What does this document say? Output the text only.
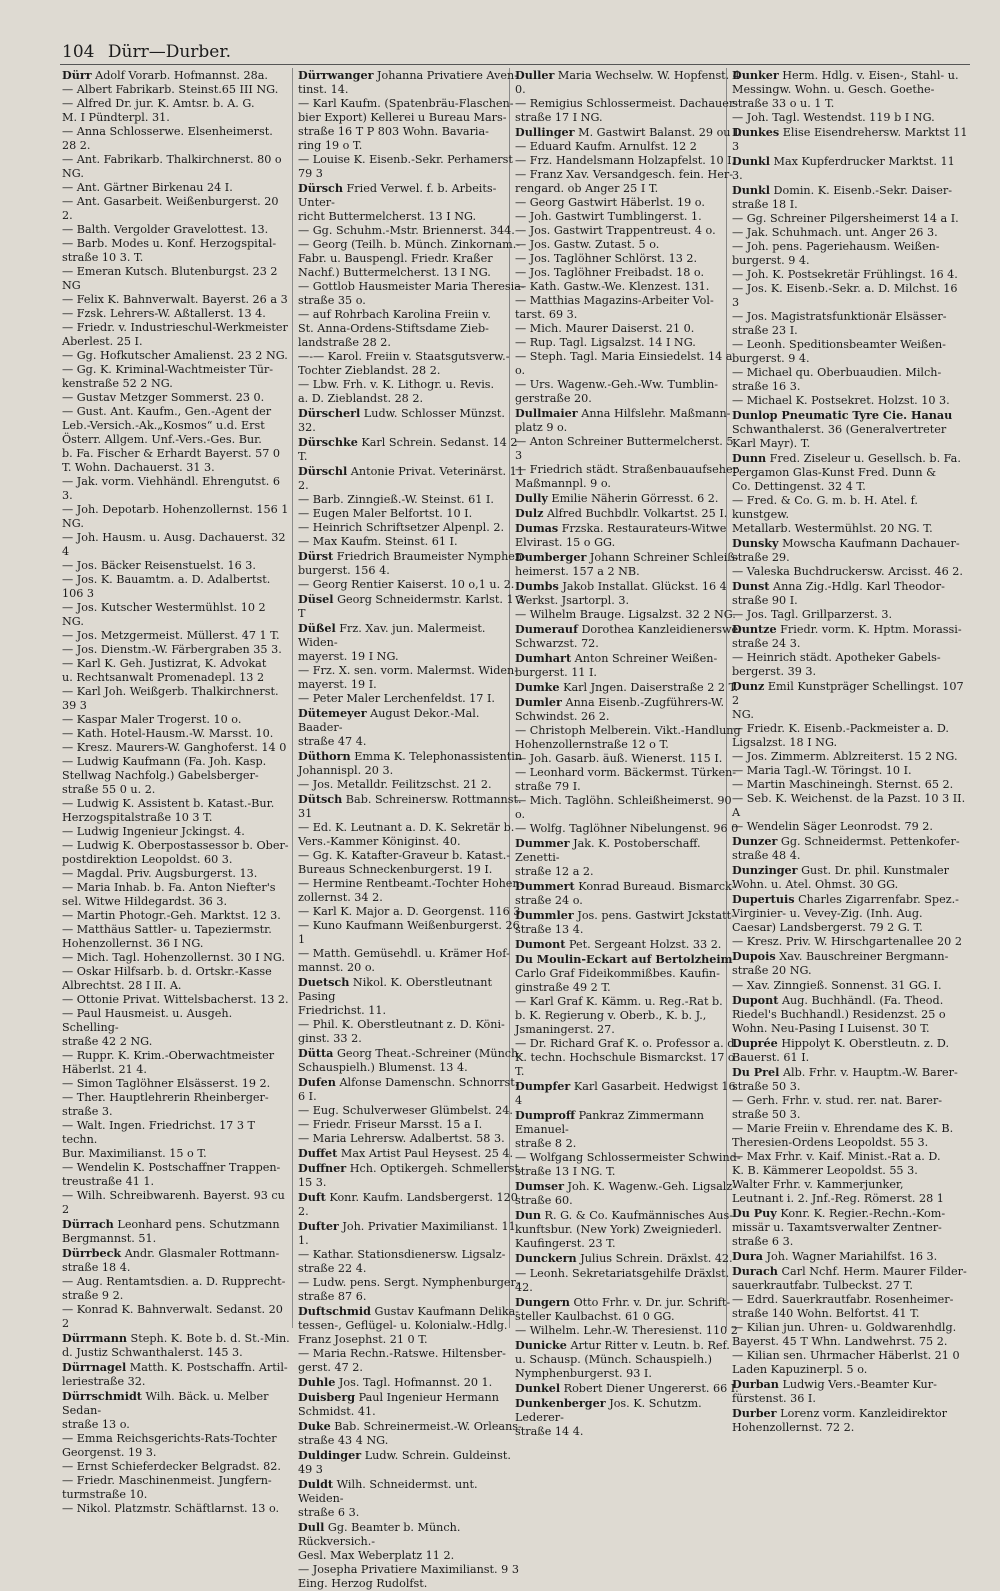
104 Dürr—Durber.

Dürr Adolf Vorarb. Hofmannst. 28a.
— Albert Fabrikarb. Steinst.65 III NG.
— Alfred Dr. jur. K. Amtsr. b. A. G.
M. I Pündterpl. 31.
— Anna Schlosserwe. Elsenheimerst. 28 2.
— Ant. Fabrikarb. Thalkirchnerst. 80 o
NG.
— Ant. Gärtner Birkenau 24 I.
— Ant. Gasarbeit. Weißenburgerst. 20 2.
— Balth. Vergolder Gravelottest. 13.
— Barb. Modes u. Konf. Herzogspital-
straße 10 3. T.
— Emeran Kutsch. Blutenburgst. 23 2 NG
— Felix K. Bahnverwalt. Bayerst. 26 a 3
— Fzsk. Lehrers-W. Aßtallerst. 13 4.
— Friedr. v. Industrieschul-Werkmeister
Aberlest. 25 I.
— Gg. Hofkutscher Amalienst. 23 2 NG.
— Gg. K. Kriminal-Wachtmeister Tür-
kenstraße 52 2 NG.
— Gustav Metzger Sommerst. 23 0.
— Gust. Ant. Kaufm., Gen.-Agent der
Leb.-Versich.-Ak.„Kosmos“ u.d. Erst
Österr. Allgem. Unf.-Vers.-Ges. Bur.
b. Fa. Fischer & Erhardt Bayerst. 57 0
T. Wohn. Dachauerst. 31 3.
— Jak. vorm. Viehhändl. Ehrengutst. 6 3.
— Joh. Depotarb. Hohenzollernst. 156 1
NG.
— Joh. Hausm. u. Ausg. Dachauerst. 32 4
— Jos. Bäcker Reisenstuelst. 16 3.
— Jos. K. Bauamtm. a. D. Adalbertst. 106 3
— Jos. Kutscher Westermühlst. 10 2 NG.
— Jos. Metzgermeist. Müllerst. 47 1 T.
— Jos. Dienstm.-W. Färbergraben 35 3.
— Karl K. Geh. Justizrat, K. Advokat
u. Rechtsanwalt Promenadepl. 13 2
— Karl Joh. Weißgerb. Thalkirchnerst. 39 3
— Kaspar Maler Trogerst. 10 o.
— Kath. Hotel-Hausm.-W. Marsst. 10.
— Kresz. Maurers-W. Ganghoferst. 14 0
— Ludwig Kaufmann (Fa. Joh. Kasp.
Stellwag Nachfolg.) Gabelsberger-
straße 55 0 u. 2.
— Ludwig K. Assistent b. Katast.-Bur.
Herzogspitalstraße 10 3 T.
— Ludwig Ingenieur Jckingst. 4.
— Ludwig K. Oberpostassessor b. Ober-
postdirektion Leopoldst. 60 3.
— Magdal. Priv. Augsburgerst. 13.
— Maria Inhab. b. Fa. Anton Niefter's
sel. Witwe Hildegardst. 36 3.
— Martin Photogr.-Geh. Marktst. 12 3.
— Matthäus Sattler- u. Tapeziermstr.
Hohenzollernst. 36 I NG.
— Mich. Tagl. Hohenzollernst. 30 I NG.
— Oskar Hilfsarb. b. d. Ortskr.-Kasse
Albrechtst. 28 I II. A.
— Ottonie Privat. Wittelsbacherst. 13 2.
— Paul Hausmeist. u. Ausgeh. Schelling-
straße 42 2 NG.
— Ruppr. K. Krim.-Oberwachtmeister
Häberlst. 21 4.
— Simon Taglöhner Elsässerst. 19 2.
— Ther. Hauptlehrerin Rheinberger-
straße 3.
— Walt. Ingen. Friedrichst. 17 3 T techn.
Bur. Maximilianst. 15 o T.
— Wendelin K. Postschaffner Trappen-
treustraße 41 1.
— Wilh. Schreibwarenh. Bayerst. 93 cu 2

Dürrach Leonhard pens. Schutzmann
Bergmannst. 51.

Dürrbeck Andr. Glasmaler Rottmann-
straße 18 4.
— Aug. Rentamtsdien. a. D. Rupprecht-
straße 9 2.
— Konrad K. Bahnverwalt. Sedanst. 20 2

Dürrmann Steph. K. Bote b. d. St.-Min.
d. Justiz Schwanthalerst. 145 3.

Dürrnagel Matth. K. Postschaffn. Artil-
leriestraße 32.

Dürrschmidt Wilh. Bäck. u. Melber Sedan-
straße 13 o.
— Emma Reichsgerichts-Rats-Tochter
Georgenst. 19 3.
— Ernst Schieferdecker Belgradst. 82.
— Friedr. Maschinenmeist. Jungfern-
turmstraße 10.
— Nikol. Platzmstr. Schäftlarnst. 13 o.

Dürrwanger Johanna Privatiere Aven-
tinst. 14.
— Karl Kaufm. (Spatenbräu-Flaschen-
bier Export) Kellerei u Bureau Mars-
straße 16 T P 803 Wohn. Bavaria-
ring 19 o T.
— Louise K. Eisenb.-Sekr. Perhamerst 79 3

Dürsch Fried Verwel. f. b. Arbeits-Unter-
richt Buttermelcherst. 13 I NG.
— Gg. Schuhm.-Mstr. Briennerst. 344.
— Georg (Teilh. b. Münch. Zinkornam.-
Fabr. u. Bauspengl. Friedr. Kraßer
Nachf.) Buttermelcherst. 13 I NG.
— Gottlob Hausmeister Maria Theresia-
straße 35 o.
— auf Rohrbach Karolina Freiin v.
St. Anna-Ordens-Stiftsdame Zieb-
landstraße 28 2.
—-— Karol. Freiin v. Staatsgutsverw.-
Tochter Zieblandst. 28 2.
— Lbw. Frh. v. K. Lithogr. u. Revis.
a. D. Zieblandst. 28 2.

Dürscherl Ludw. Schlosser Münzst. 32.

Dürschke Karl Schrein. Sedanst. 14 2 T.

Dürschl Antonie Privat. Veterinärst. 11 2.
— Barb. Zinngieß.-W. Steinst. 61 I.
— Eugen Maler Belfortst. 10 I.
— Heinrich Schriftsetzer Alpenpl. 2.
— Max Kaufm. Steinst. 61 I.

Dürst Friedrich Braumeister Nymphen-
burgerst. 156 4.
— Georg Rentier Kaiserst. 10 o,1 u. 2.

Düsel Georg Schneidermstr. Karlst. 1 3 T

Düßel Frz. Xav. jun. Malermeist. Widen-
mayerst. 19 I NG.
— Frz. X. sen. vorm. Malermst. Widen-
mayerst. 19 I.
— Peter Maler Lerchenfeldst. 17 I.

Dütemeyer August Dekor.-Mal. Baader-
straße 47 4.

Düthorn Emma K. Telephonassistentin
Johannispl. 20 3.
— Jos. Metalldr. Feilitzschst. 21 2.

Dütsch Bab. Schreinersw. Rottmannst. 31
— Ed. K. Leutnant a. D. K. Sekretär b.
Vers.-Kammer Königinst. 40.
— Gg. K. Katafter-Graveur b. Katast.-
Bureaus Schneckenburgerst. 19 I.
— Hermine Rentbeamt.-Tochter Hohen-
zollernst. 34 2.
— Karl K. Major a. D. Georgenst. 116 3.
— Kuno Kaufmann Weißenburgerst. 26 1
— Matth. Gemüsehdl. u. Krämer Hof-
mannst. 20 o.

Duetsch Nikol. K. Oberstleutnant Pasing
Friedrichst. 11.
— Phil. K. Oberstleutnant z. D. Köni-
ginst. 33 2.

Dütta Georg Theat.-Schreiner (Münch.
Schauspielh.) Blumenst. 13 4.

Dufen Alfonse Damenschn. Schnorrst. 6 I.
— Eug. Schulverweser Glümbelst. 24.
— Friedr. Friseur Marsst. 15 a I.
— Maria Lehrersw. Adalbertst. 58 3.

Duffet Max Artist Paul Heysest. 25 4.

Duffner Hch. Optikergeh. Schmellerst. 15 3.

Duft Konr. Kaufm. Landsbergerst. 120 2.

Dufter Joh. Privatier Maximilianst. 11 1.
— Kathar. Stationsdienersw. Ligsalz-
straße 22 4.
— Ludw. pens. Sergt. Nymphenburger-
straße 87 6.

Duftschmid Gustav Kaufmann Delika-
tessen-, Geflügel- u. Kolonialw.-Hdlg.
Franz Josephst. 21 0 T.
— Maria Rechn.-Ratswe. Hiltensber-
gerst. 47 2.

Duhle Jos. Tagl. Hofmannst. 20 1.

Duisberg Paul Ingenieur Hermann
Schmidst. 41.

Duke Bab. Schreinermeist.-W. Orleans-
straße 43 4 NG.

Duldinger Ludw. Schrein. Guldeinst. 49 3

Duldt Wilh. Schneidermst. unt. Weiden-
straße 6 3.

Dull Gg. Beamter b. Münch. Rückversich.-
Gesl. Max Weberplatz 11 2.
— Josepha Privatiere Maximilianst. 9 3
Eing. Herzog Rudolfst.

Duller Maria Wechselw. W. Hopfenst. 4 0.
— Remigius Schlossermeist. Dachauer-
straße 17 I NG.

Dullinger M. Gastwirt Balanst. 29 ou I.
— Eduard Kaufm. Arnulfst. 12 2
— Frz. Handelsmann Holzapfelst. 10 I.
— Franz Xav. Versandgesch. fein. Her-
rengard. ob Anger 25 I T.
— Georg Gastwirt Häberlst. 19 o.
— Joh. Gastwirt Tumblingerst. 1.
— Jos. Gastwirt Trappentreust. 4 o.
— Jos. Gastw. Zutast. 5 o.
— Jos. Taglöhner Schlörst. 13 2.
— Jos. Taglöhner Freibadst. 18 o.
— Kath. Gastw.-We. Klenzest. 131.
— Matthias Magazins-Arbeiter Vol-
tarst. 69 3.
— Mich. Maurer Daiserst. 21 0.
— Rup. Tagl. Ligsalzst. 14 I NG.
— Steph. Tagl. Maria Einsiedelst. 14 a o.
— Urs. Wagenw.-Geh.-Ww. Tumblin-
gerstraße 20.

Dullmaier Anna Hilfslehr. Maßmann-
platz 9 o.
— Anton Schreiner Buttermelcherst. 5 3
— Friedrich städt. Straßenbauaufseher
Maßmannpl. 9 o.

Dully Emilie Näherin Görresst. 6 2.

Dulz Alfred Buchbdlr. Volkartst. 25 I.

Dumas Frzska. Restaurateurs-Witwe
Elvirast. 15 o GG.

Dumberger Johann Schreiner Schleiß-
heimerst. 157 a 2 NB.

Dumbs Jakob Installat. Glückst. 16 4
Werkst. Jsartorpl. 3.
— Wilhelm Brauge. Ligsalzst. 32 2 NG.

Dumerauf Dorothea Kanzleidienerswe.
Schwarzst. 72.

Dumhart Anton Schreiner Weißen-
burgerst. 11 I.

Dumke Karl Jngen. Daiserstraße 2 2 T.

Dumler Anna Eisenb.-Zugführers-W.
Schwindst. 26 2.
— Christoph Melberein. Vikt.-Handlung
Hohenzollernstraße 12 o T.
— Joh. Gasarb. äuß. Wienerst. 115 I.
— Leonhard vorm. Bäckermst. Türken-
straße 79 I.
— Mich. Taglöhn. Schleißheimerst. 90 o.
— Wolfg. Taglöhner Nibelungenst. 96 0

Dummer Jak. K. Postoberschaff. Zenetti-
straße 12 a 2.

Dummert Konrad Bureaud. Bismarck-
straße 24 o.

Dummler Jos. pens. Gastwirt Jckstatt-
straße 13 4.

Dumont Pet. Sergeant Holzst. 33 2.

Du Moulin-Eckart auf Bertolzheim
Carlo Graf Fideikommißbes. Kaufin-
ginstraße 49 2 T.
— Karl Graf K. Kämm. u. Reg.-Rat b.
b. K. Regierung v. Oberb., K. b. J.,
Jsmaningerst. 27.
— Dr. Richard Graf K. o. Professor a. d.
K. techn. Hochschule Bismarckst. 17 o T.

Dumpfer Karl Gasarbeit. Hedwigst 16 4

Dumproff Pankraz Zimmermann Emanuel-
straße 8 2.
— Wolfgang Schlossermeister Schwind-
straße 13 I NG. T.

Dumser Joh. K. Wagenw.-Geh. Ligsalz-
straße 60.

Dun R. G. & Co. Kaufmännisches Aus-
kunftsbur. (New York) Zweigniederl.
Kaufingerst. 23 T.

Dunckern Julius Schrein. Dräxlst. 42.

— Leonh. Sekretariatsgehilfe Dräxlst.
42.

Dungern Otto Frhr. v. Dr. jur. Schrift-
steller Kaulbachst. 61 0 GG.
— Wilhelm. Lehr.-W. Theresienst. 110 2

Dunicke Artur Ritter v. Leutn. b. Ref.
u. Schausp. (Münch. Schauspielh.)
Nymphenburgerst. 93 I.

Dunkel Robert Diener Ungererst. 66 I.

Dunkenberger Jos. K. Schutzm. Lederer-
straße 14 4.

Dunker Herm. Hdlg. v. Eisen-, Stahl- u.
Messingw. Wohn. u. Gesch. Goethe-
straße 33 o u. 1 T.
— Joh. Tagl. Westendst. 119 b I NG.

Dunkes Elise Eisendrehersw. Marktst 11 3

Dunkl Max Kupferdrucker Marktst. 11 3.

Dunkl Domin. K. Eisenb.-Sekr. Daiser-
straße 18 I.
— Gg. Schreiner Pilgersheimerst 14 a I.
— Jak. Schuhmach. unt. Anger 26 3.
— Joh. pens. Pageriehausm. Weißen-
burgerst. 9 4.
— Joh. K. Postsekretär Frühlingst. 16 4.
— Jos. K. Eisenb.-Sekr. a. D. Milchst. 16 3
— Jos. Magistratsfunktionär Elsässer-
straße 23 I.
— Leonh. Speditionsbeamter Weißen-
burgerst. 9 4.
— Michael qu. Oberbuaudien. Milch-
straße 16 3.
— Michael K. Postsekret. Holzst. 10 3.

Dunlop Pneumatic Tyre Cie. Hanau
Schwanthalerst. 36 (Generalvertreter
Karl Mayr). T.

Dunn Fred. Ziseleur u. Gesellsch. b. Fa.
Pergamon Glas-Kunst Fred. Dunn &
Co. Dettingenst. 32 4 T.
— Fred. & Co. G. m. b. H. Atel. f. kunstgew.
Metallarb. Westermühlst. 20 NG. T.

Dunsky Mowscha Kaufmann Dachauer-
straße 29.
— Valeska Buchdruckersw. Arcisst. 46 2.

Dunst Anna Zig.-Hdlg. Karl Theodor-
straße 90 I.
— Jos. Tagl. Grillparzerst. 3.

Duntze Friedr. vorm. K. Hptm. Morassi-
straße 24 3.
— Heinrich städt. Apotheker Gabels-
bergerst. 39 3.

Dunz Emil Kunstpräger Schellingst. 107 2
NG.
— Friedr. K. Eisenb.-Packmeister a. D.
Ligsalzst. 18 I NG.
— Jos. Zimmerm. Ablzreiterst. 15 2 NG.
— Maria Tagl.-W. Töringst. 10 I.
— Martin Maschineingh. Sternst. 65 2.
— Seb. K. Weichenst. de la Pazst. 10 3 II. A
— Wendelin Säger Leonrodst. 79 2.

Dunzer Gg. Schneidermst. Pettenkofer-
straße 48 4.

Dunzinger Gust. Dr. phil. Kunstmaler
Wohn. u. Atel. Ohmst. 30 GG.

Dupertuis Charles Zigarrenfabr. Spez.-
Virginier- u. Vevey-Zig. (Inh. Aug.
Caesar) Landsbergerst. 79 2 G. T.
— Kresz. Priv. W. Hirschgartenallee 20 2

Dupois Xav. Bauschreiner Bergmann-
straße 20 NG.

— Xav. Zinngieß. Sonnenst. 31 GG. I.

Dupont Aug. Buchhändl. (Fa. Theod.
Riedel's Buchhandl.) Residenzst. 25 o
Wohn. Neu-Pasing I Luisenst. 30 T.

Duprée Hippolyt K. Oberstleutn. z. D.
Bauerst. 61 I.

Du Prel Alb. Frhr. v. Hauptm.-W. Barer-
straße 50 3.
— Gerh. Frhr. v. stud. rer. nat. Barer-
straße 50 3.
— Marie Freiin v. Ehrendame des K. B.
Theresien-Ordens Leopoldst. 55 3.
— Max Frhr. v. Kaif. Minist.-Rat a. D.
K. B. Kämmerer Leopoldst. 55 3.
Walter Frhr. v. Kammerjunker,
Leutnant i. 2. Jnf.-Reg. Römerst. 28 1

Du Puy Konr. K. Regier.-Rechn.-Kom-
missär u. Taxamtsverwalter Zentner-
straße 6 3.

Dura Joh. Wagner Mariahilfst. 16 3.

Durach Carl Nchf. Herm. Maurer Filder-
sauerkrautfabr. Tulbeckst. 27 T.
— Edrd. Sauerkrautfabr. Rosenheimer-
straße 140 Wohn. Belfortst. 41 T.
— Kilian jun. Uhren- u. Goldwarenhdlg.
Bayerst. 45 T Whn. Landwehrst. 75 2.
— Kilian sen. Uhrmacher Häberlst. 21 0
Laden Kapuzinerpl. 5 o.

Durban Ludwig Vers.-Beamter Kur-
fürstenst. 36 I.

Durber Lorenz vorm. Kanzleidirektor
Hohenzollernst. 72 2.
